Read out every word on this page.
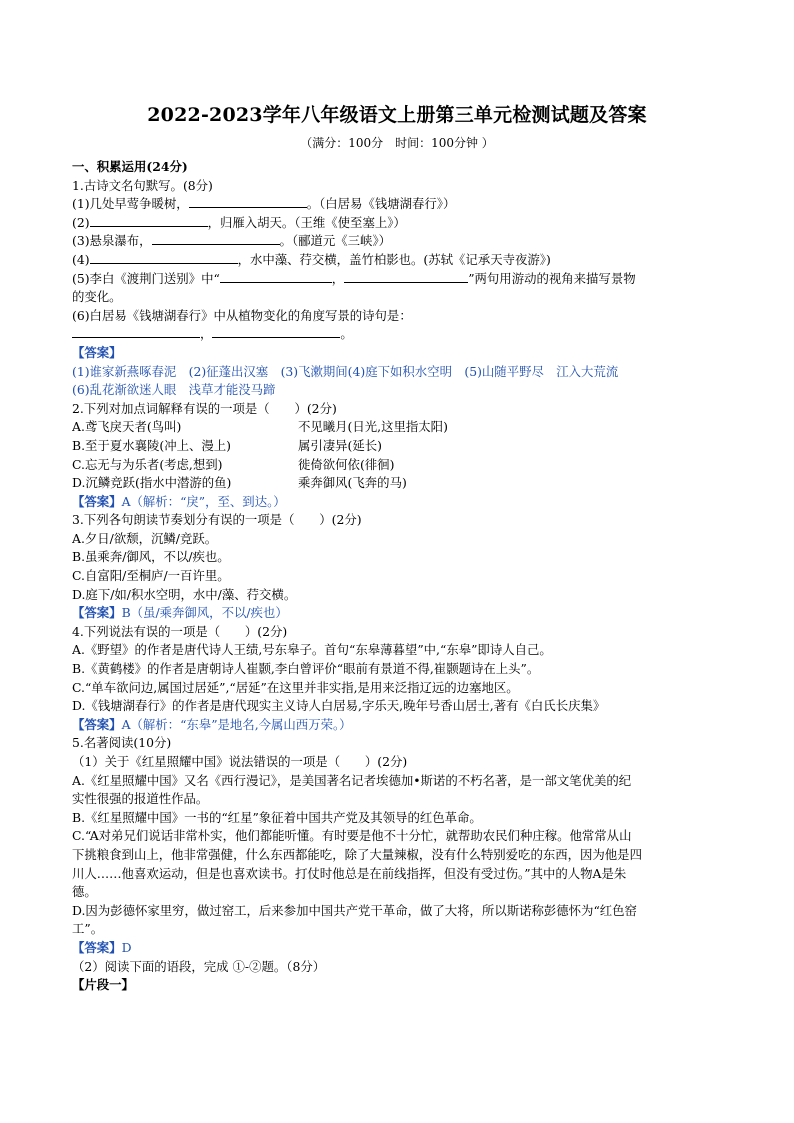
2022-2023学年八年级语文上册第三单元检测试题及答案
（满分：100分　时间：100分钟 ）
一、积累运用(24分)
1.古诗文名句默写。(8分)
(1)几处早莺争暖树，	。（白居易《钱塘湖春行》）
(2)	，归雁入胡天。（王维《使至塞上》）
(3)悬泉瀑布，	。（郦道元《三峡》）
(4)	，水中藻、荇交横，盖竹柏影也。(苏轼《记承天寺夜游》)
(5)李白《渡荆门送别》中“	，	”两句用游动的视角来描写景物
的变化。
(6)白居易《钱塘湖春行》中从植物变化的角度写景的诗句是：
，	。
【答案】
(1)谁家新燕啄春泥　(2)征蓬出汉塞　(3)飞漱期间(4)庭下如积水空明　(5)山随平野尽　江入大荒流
(6)乱花渐欲迷人眼　浅草才能没马蹄
2.下列对加点词解释有误的一项是（　　）(2分)
A.鸢飞戾天者(鸟叫)	不见曦月(日光,这里指太阳)
B.至于夏水襄陵(冲上、漫上)	属引凄异(延长)
C.忘无与为乐者(考虑,想到)	徙倚欲何依(徘徊)
D.沉鳞竞跃(指水中潜游的鱼)	乘奔御风(飞奔的马)
【答案】A（解析：“戾”，至、到达。）
3.下列各句朗读节奏划分有误的一项是（　　）(2分)
A.夕日/欲颓，沉鳞/竞跃。
B.虽乘奔/御风，不以/疾也。
C.自富阳/至桐庐/一百许里。
D.庭下/如/积水空明，水中/藻、荇交横。
【答案】B（虽/乘奔御风，不以/疾也）
4.下列说法有误的一项是（　　）(2分)
A.《野望》的作者是唐代诗人王绩,号东皋子。首句“东皋薄暮望”中,“东皋”即诗人自己。
B.《黄鹤楼》的作者是唐朝诗人崔颢,李白曾评价“眼前有景道不得,崔颢题诗在上头”。
C.“单车欲问边,属国过居延”,“居延”在这里并非实指,是用来泛指辽远的边塞地区。
D.《钱塘湖春行》的作者是唐代现实主义诗人白居易,字乐天,晚年号香山居士,著有《白氏长庆集》
【答案】A（解析：“东皋”是地名,今属山西万荣。）
5.名著阅读(10分)
（1）关于《红星照耀中国》说法错误的一项是（　　）(2分)
A.《红星照耀中国》又名《西行漫记》，是美国著名记者埃德加•斯诺的不朽名著，是一部文笔优美的纪
实性很强的报道性作品。
B.《红星照耀中国》一书的“红星”象征着中国共产党及其领导的红色革命。
C.“A对弟兄们说话非常朴实，他们都能听懂。有时要是他不十分忙，就帮助农民们种庄稼。他常常从山
下挑粮食到山上，他非常强健，什么东西都能吃，除了大量辣椒，没有什么特别爱吃的东西，因为他是四
川人……他喜欢运动，但是也喜欢读书。打仗时他总是在前线指挥，但没有受过伤。”其中的人物A是朱
德。
D.因为彭德怀家里穷，做过窑工，后来参加中国共产党干革命，做了大将，所以斯诺称彭德怀为“红色窑
工”。
【答案】D
（2）阅读下面的语段，完成 ①-②题。（8分）
【片段一】
